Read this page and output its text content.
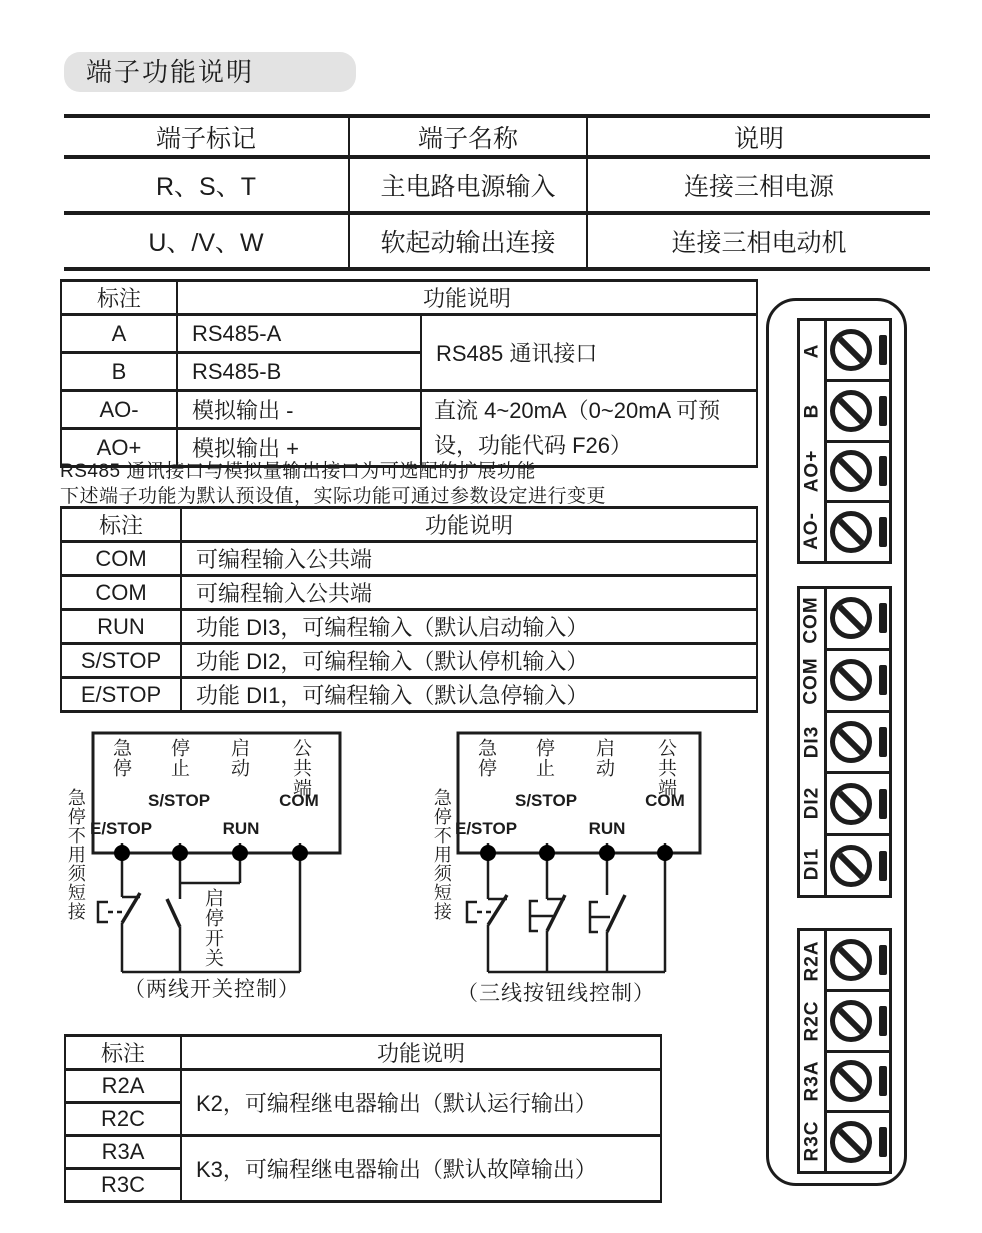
端子功能说明
端子标记	端子名称	说明
R、S、T	主电路电源输入	连接三相电源
U、/V、W	软起动输出连接	连接三相电动机
标注	功能说明	
A	RS485-A	RS485 通讯接口
B	RS485-B	
AO-	模拟输出 -	直流 4~20mA（0~20mA 可预设，功能代码 F26）
AO+	模拟输出 +	
RS485 通讯接口与模拟量输出接口为可选配的扩展功能
下述端子功能为默认预设值，实际功能可通过参数设定进行变更
标注	功能说明
COM	可编程输入公共端
COM	可编程输入公共端
RUN	功能 DI3，可编程输入（默认启动输入）
S/STOP	功能 DI2，可编程输入（默认停机输入）
E/STOP	功能 DI1，可编程输入（默认急停输入）
急停 停止 启动 公共端
S/STOP	COM
E/STOP	RUN
急停不用须短接
启停开关
（两线开关控制）
急停 停止 启动 公共端
S/STOP	COM
E/STOP	RUN
急停不用须短接
（三线按钮线控制）
A
B
AO+
AO-
COM
COM
DI3
DI2
DI1
R2A
R2C
R3A
R3C
标注	功能说明
R2A	K2，可编程继电器输出（默认运行输出）
R2C	
R3A	K3，可编程继电器输出（默认故障输出）
R3C	
